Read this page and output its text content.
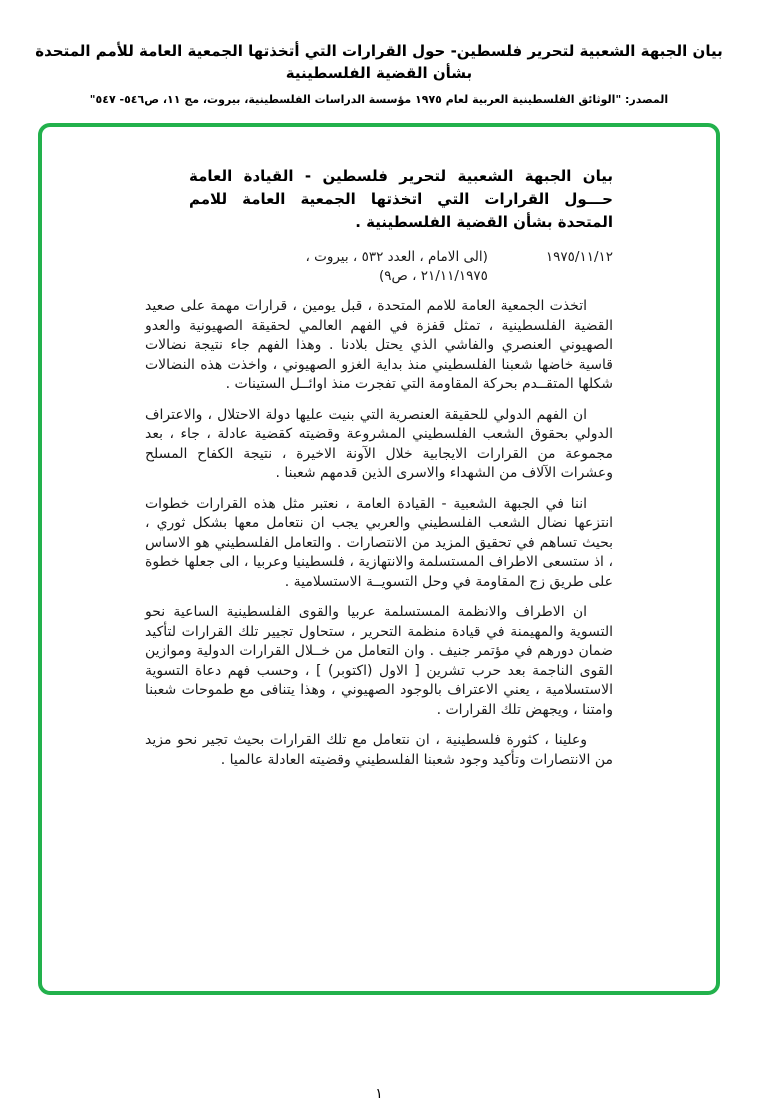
بيان الجبهة الشعبية لتحرير فلسطين- حول القرارات التي أتخذتها الجمعية العامة للأمم المتحدة بشأن القضية الفلسطينية
المصدر: "الوثائق الفلسطينية العربية لعام ١٩٧٥ مؤسسة الدراسات الفلسطينية، بيروت، مج ١١، ص٥٤٦- ٥٤٧"
بيان الجبهة الشعبية لتحرير فلسطين - القيادة العامة حـــول القرارات التي اتخذتها الجمعية العامة للامم المتحدة بشأن القضية الفلسطينية .
١٩٧٥/١١/١٢
(الى الامام ، العدد ٥٣٢ ، بيروت ، ٢١/١١/١٩٧٥ ، ص٩)

اتخذت الجمعية العامة للامم المتحدة ، قبل يومين ، قرارات مهمة على صعيد القضية الفلسطينية ، تمثل قفزة في الفهم العالمي لحقيقة الصهيونية والعدو الصهيوني العنصري والفاشي الذي يحتل بلادنا . وهذا الفهم جاء نتيجة نضالات قاسية خاضها شعبنا الفلسطيني منذ بداية الغزو الصهيوني ، واخذت هذه النضالات شكلها المتقــدم بحركة المقاومة التي تفجرت منذ اوائــل الستينات .

ان الفهم الدولي للحقيقة العنصرية التي بنيت عليها دولة الاحتلال ، والاعتراف الدولي بحقوق الشعب الفلسطيني المشروعة وقضيته كقضية عادلة ، جاء ، بعد مجموعة من القرارات الايجابية خلال الآونة الاخيرة ، نتيجة الكفاح المسلح وعشرات الآلاف من الشهداء والاسرى الذين قدمهم شعبنا .

اننا في الجبهة الشعبية - القيادة العامة ، نعتبر مثل هذه القرارات خطوات انتزعها نضال الشعب الفلسطيني والعربي يجب ان نتعامل معها بشكل ثوري ، بحيث تساهم في تحقيق المزيد من الانتصارات . والتعامل الفلسطيني هو الاساس ، اذ ستسعى الاطراف المستسلمة والانتهازية ، فلسطينيا وعربيا ، الى جعلها خطوة على طريق زج المقاومة في وحل التسويــة الاستسلامية .

ان الاطراف والانظمة المستسلمة عربيا والقوى الفلسطينية الساعية نحو التسوية والمهيمنة في قيادة منظمة التحرير ، ستحاول تجيير تلك القرارات لتأكيد ضمان دورهم في مؤتمر جنيف . وان التعامل من خــلال القرارات الدولية وموازين القوى الناجمة بعد حرب تشرين [ الاول (اكتوبر) ] ، وحسب فهم دعاة التسوية الاستسلامية ، يعني الاعتراف بالوجود الصهيوني ، وهذا يتنافى مع طموحات شعبنا وامتنا ، ويجهض تلك القرارات .

وعلينا ، كثورة فلسطينية ، ان نتعامل مع تلك القرارات بحيث تجير نحو مزيد من الانتصارات وتأكيد وجود شعبنا الفلسطيني وقضيته العادلة عالميا .

١
